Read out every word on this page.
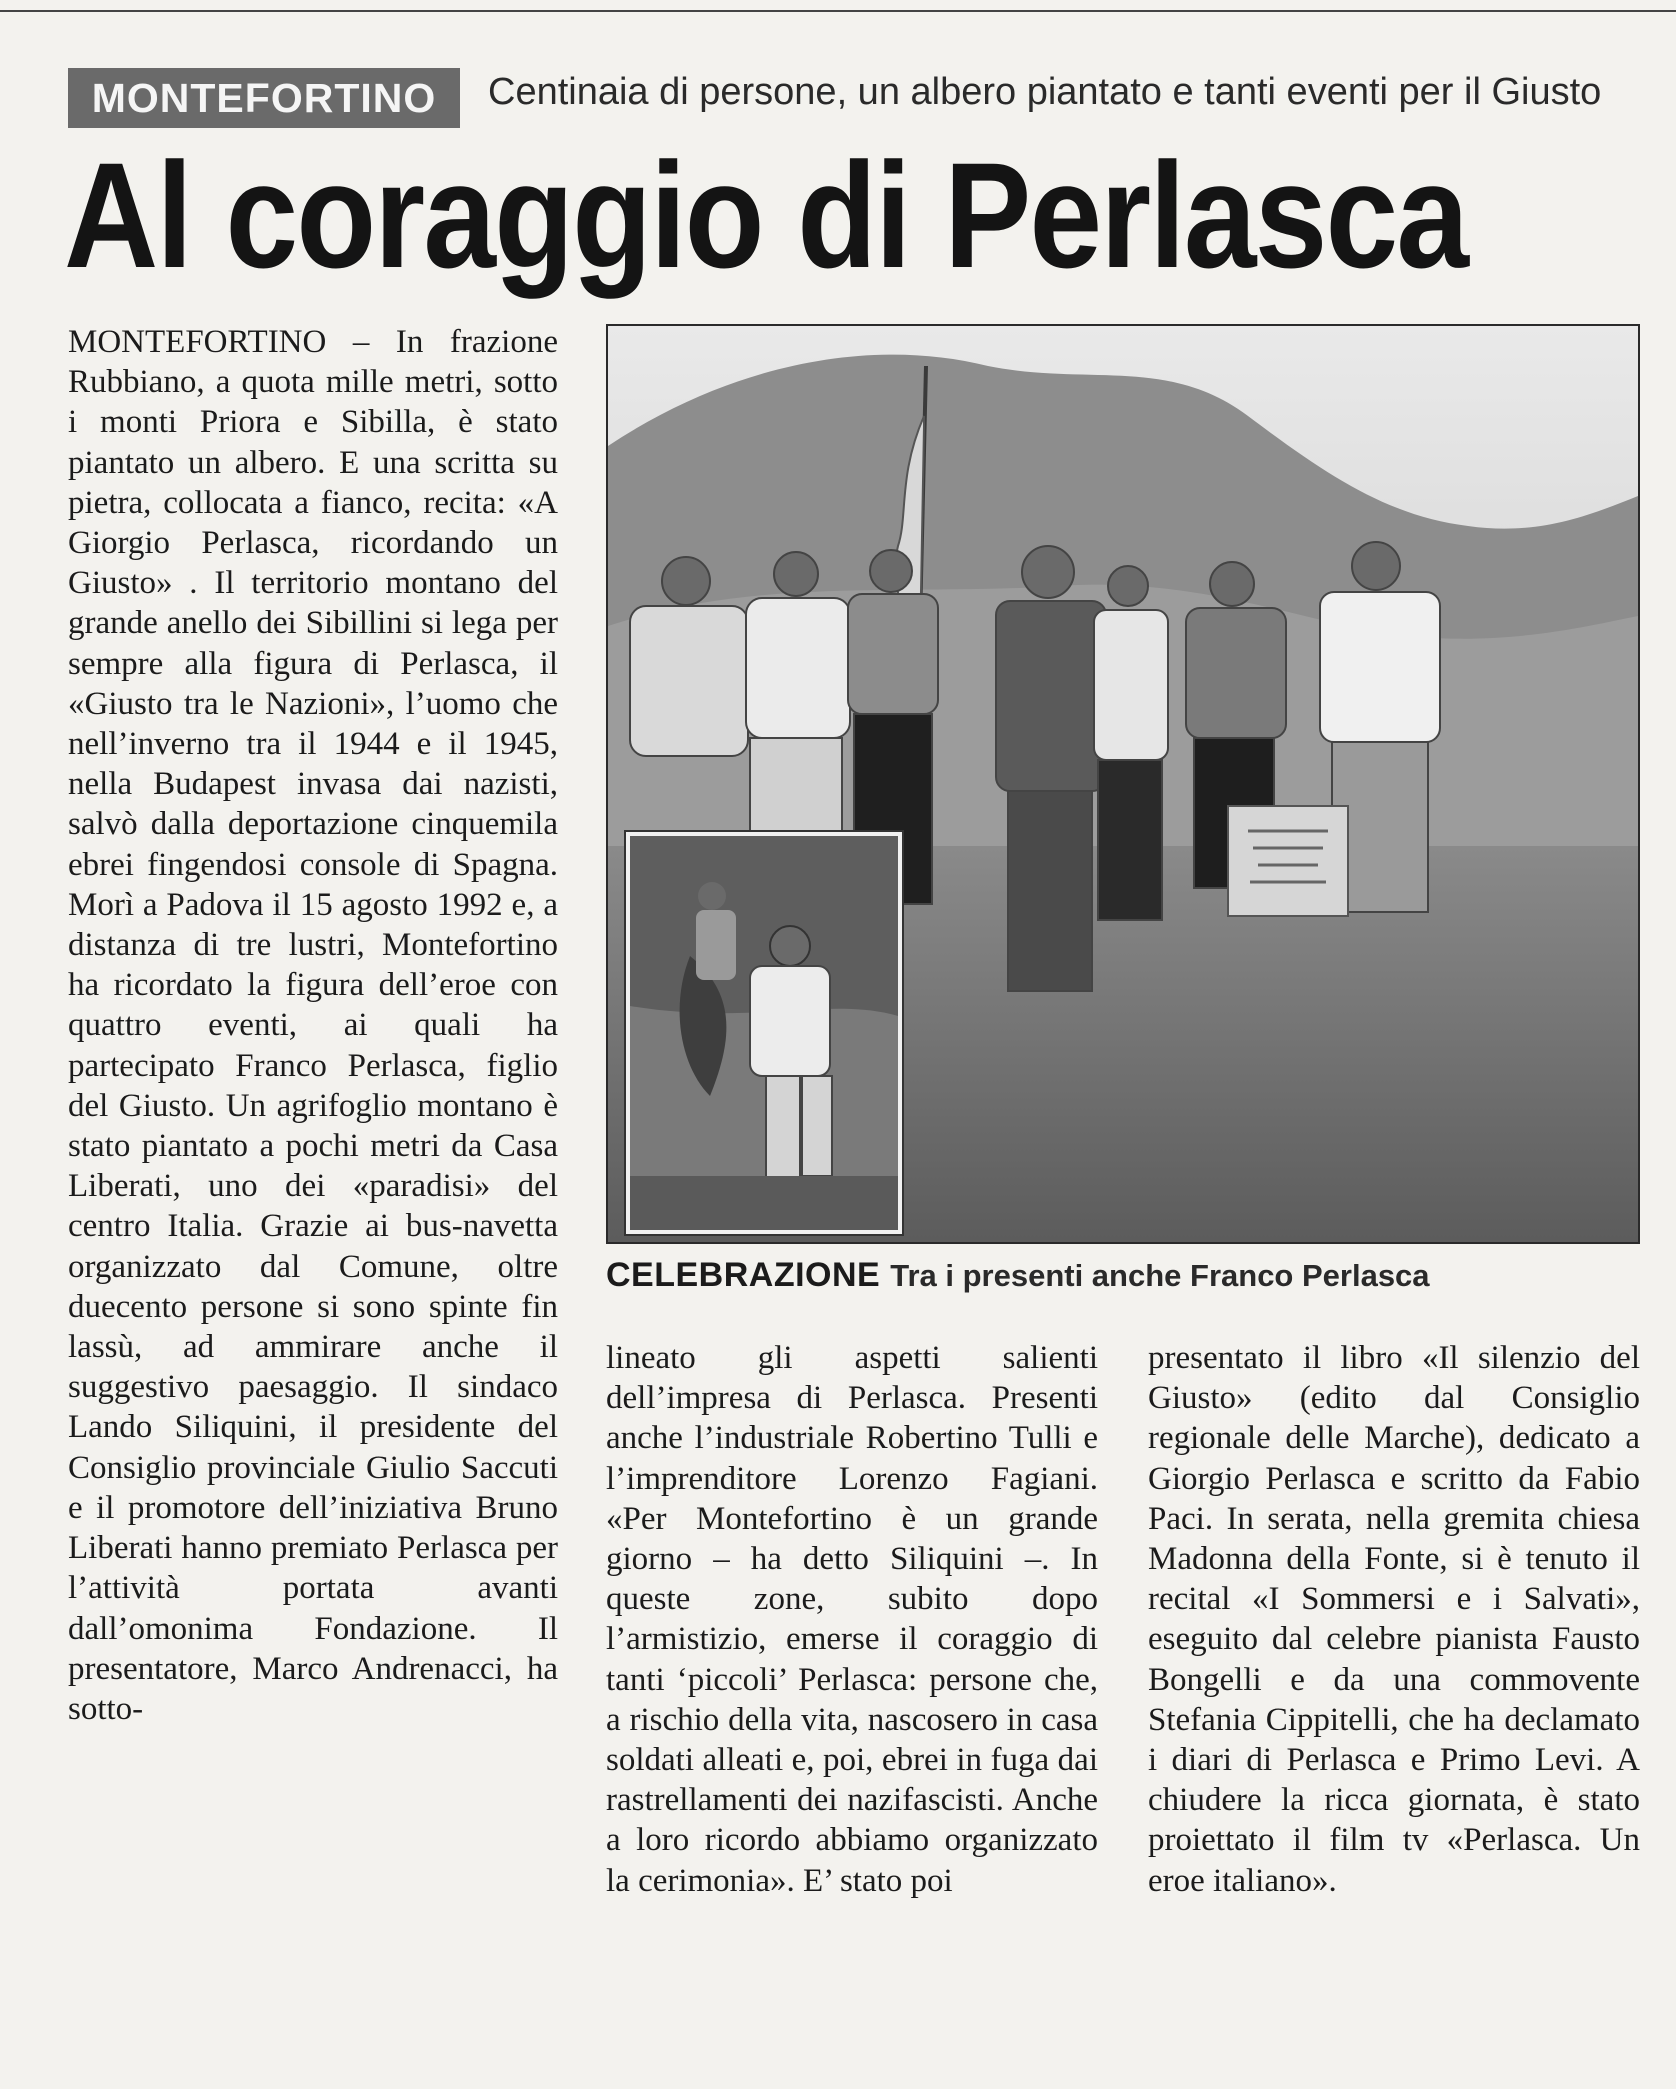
MONTEFORTINO	Centinaia di persone, un albero piantato e tanti eventi per il Giusto
Al coraggio di Perlasca

MONTEFORTINO – In frazione Rubbiano, a quota mille metri, sotto i monti Priora e Sibilla, è stato piantato un albero. E una scritta su pietra, collocata a fianco, recita: «A Giorgio Perlasca, ricordando un Giusto» . Il territorio montano del grande anello dei Sibillini si lega per sempre alla figura di Perlasca, il «Giusto tra le Nazioni», l’uomo che nell’inverno tra il 1944 e il 1945, nella Budapest invasa dai nazisti, salvò dalla deportazione cinquemila ebrei fingendosi console di Spagna. Morì a Padova il 15 agosto 1992 e, a distanza di tre lustri, Montefortino ha ricordato la figura dell’eroe con quattro eventi, ai quali ha partecipato Franco Perlasca, figlio del Giusto. Un agrifoglio montano è stato piantato a pochi metri da Casa Liberati, uno dei «paradisi» del centro Italia. Grazie ai bus-navetta organizzato dal Comune, oltre duecento persone si sono spinte fin lassù, ad ammirare anche il suggestivo paesaggio. Il sindaco Lando Siliquini, il presidente del Consiglio provinciale Giulio Saccuti e il promotore dell’iniziativa Bruno Liberati hanno premiato Perlasca per l’attività portata avanti dall’omonima Fondazione. Il presentatore, Marco Andrenacci, ha sotto-

CELEBRAZIONE Tra i presenti anche Franco Perlasca

lineato gli aspetti salienti dell’impresa di Perlasca. Presenti anche l’industriale Robertino Tulli e l’imprenditore Lorenzo Fagiani. «Per Montefortino è un grande giorno – ha detto Siliquini –. In queste zone, subito dopo l’armistizio, emerse il coraggio di tanti ‘piccoli’ Perlasca: persone che, a rischio della vita, nascosero in casa soldati alleati e, poi, ebrei in fuga dai rastrellamenti dei nazifascisti. Anche a loro ricordo abbiamo organizzato la cerimonia». E’ stato poi

presentato il libro «Il silenzio del Giusto» (edito dal Consiglio regionale delle Marche), dedicato a Giorgio Perlasca e scritto da Fabio Paci. In serata, nella gremita chiesa Madonna della Fonte, si è tenuto il recital «I Sommersi e i Salvati», eseguito dal celebre pianista Fausto Bongelli e da una commovente Stefania Cippitelli, che ha declamato i diari di Perlasca e Primo Levi. A chiudere la ricca giornata, è stato proiettato il film tv «Perlasca. Un eroe italiano».
